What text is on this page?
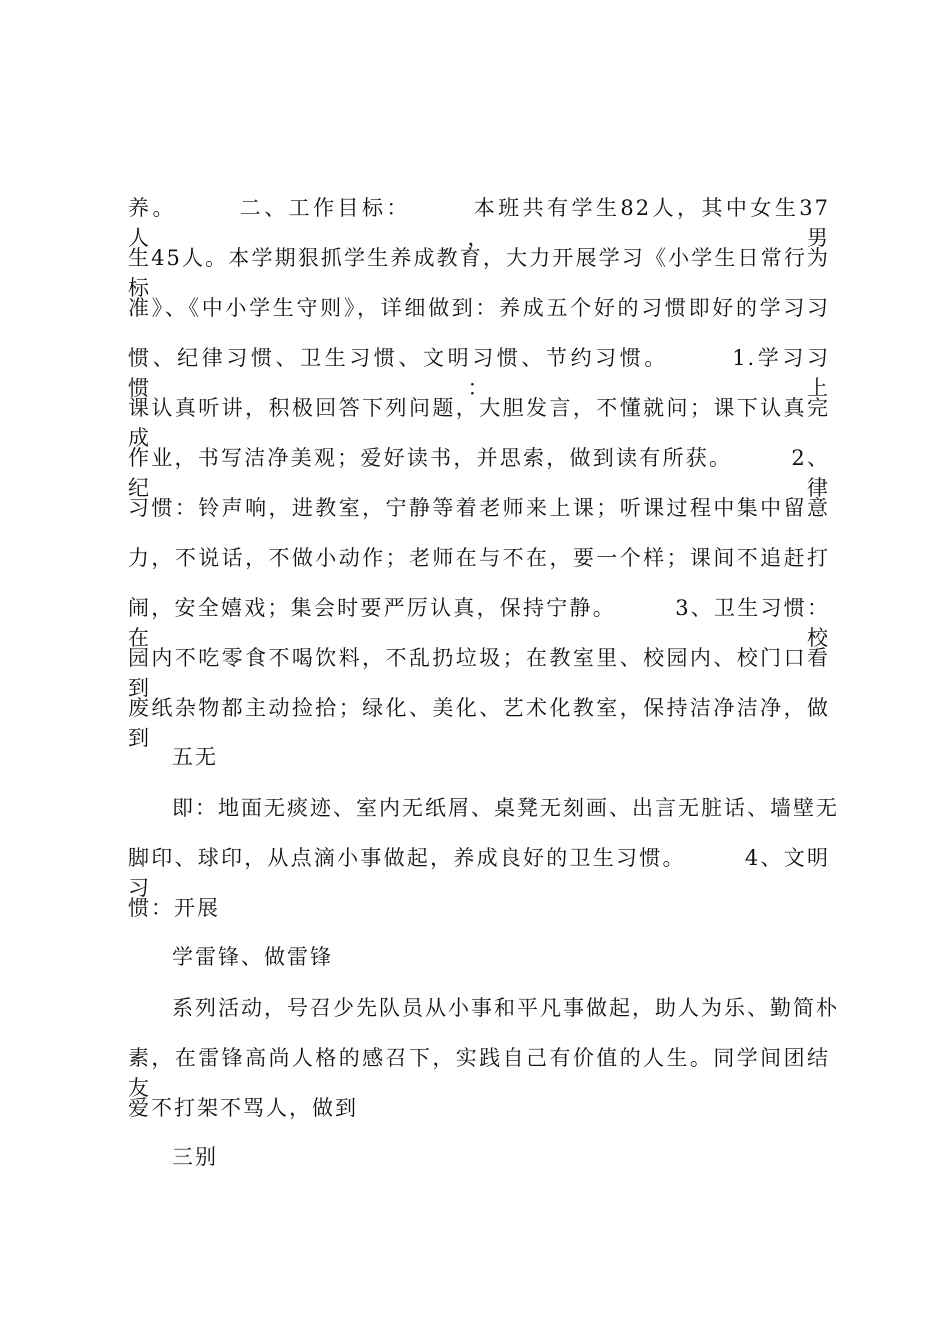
养。　　　二、工作目标：　　　本班共有学生82人，其中女生37 人，男
生45人。本学期狠抓学生养成教育，大力开展学习《小学生日常行为标
准》、《中小学生守则》，详细做到：养成五个好的习惯即好的学习习
惯、纪律习惯、卫生习惯、文明习惯、节约习惯。　　　1.学习习惯：上
课认真听讲，积极回答下列问题，大胆发言，不懂就问；课下认真完成
作业，书写洁净美观；爱好读书，并思索，做到读有所获。　　　2、纪律
习惯：铃声响，进教室，宁静等着老师来上课；听课过程中集中留意
力，不说话，不做小动作；老师在与不在，要一个样；课间不追赶打
闹，安全嬉戏；集会时要严厉认真，保持宁静。　　　3、卫生习惯：在校
园内不吃零食不喝饮料，不乱扔垃圾；在教室里、校园内、校门口看到
废纸杂物都主动捡拾；绿化、美化、艺术化教室，保持洁净洁净，做到
五无
即：地面无痰迹、室内无纸屑、桌凳无刻画、出言无脏话、墙壁无
脚印、球印，从点滴小事做起，养成良好的卫生习惯。　　　4、文明习
惯：开展
学雷锋、做雷锋
系列活动，号召少先队员从小事和平凡事做起，助人为乐、勤简朴
素，在雷锋高尚人格的感召下，实践自己有价值的人生。同学间团结友
爱不打架不骂人，做到
三别
